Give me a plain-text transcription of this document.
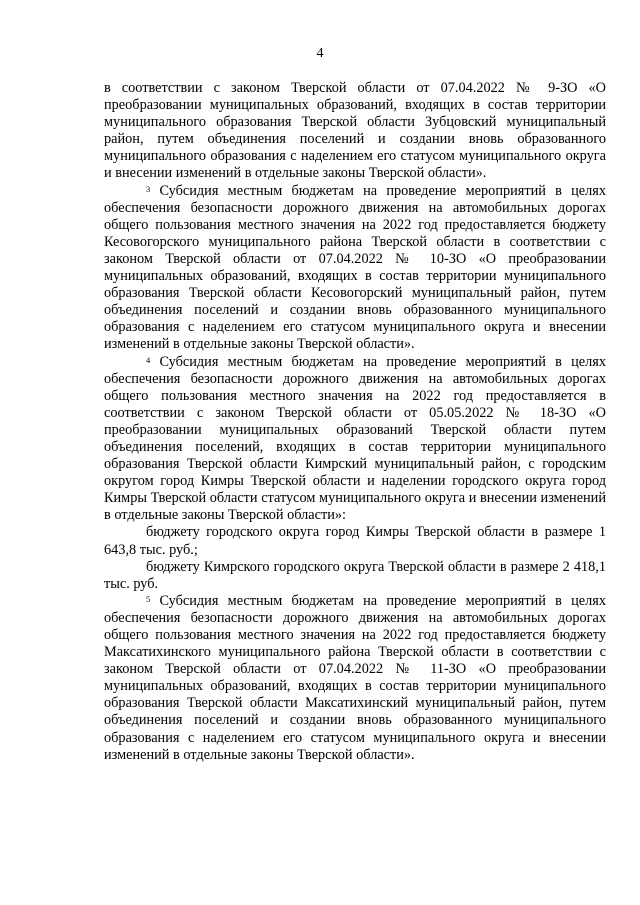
4

в соответствии с законом Тверской области от 07.04.2022 № 9-ЗО «О преобразовании муниципальных образований, входящих в состав территории муниципального образования Тверской области Зубцовский муниципальный район, путем объединения поселений и создании вновь образованного муниципального образования с наделением его статусом муниципального округа и внесении изменений в отдельные законы Тверской области».

$^3$ Субсидия местным бюджетам на проведение мероприятий в целях обеспечения безопасности дорожного движения на автомобильных дорогах общего пользования местного значения на 2022 год предоставляется бюджету Кесовогорского муниципального района Тверской области в соответствии с законом Тверской области от 07.04.2022 № 10-ЗО «О преобразовании муниципальных образований, входящих в состав территории муниципального образования Тверской области Кесовогорский муниципальный район, путем объединения поселений и создании вновь образованного муниципального образования с наделением его статусом муниципального округа и внесении изменений в отдельные законы Тверской области».

$^4$ Субсидия местным бюджетам на проведение мероприятий в целях обеспечения безопасности дорожного движения на автомобильных дорогах общего пользования местного значения на 2022 год предоставляется в соответствии с законом Тверской области от 05.05.2022 № 18-ЗО «О преобразовании муниципальных образований Тверской области путем объединения поселений, входящих в состав территории муниципального образования Тверской области Кимрский муниципальный район, с городским округом город Кимры Тверской области и наделении городского округа город Кимры Тверской области статусом муниципального округа и внесении изменений в отдельные законы Тверской области»:

бюджету городского округа город Кимры Тверской области в размере 1 643,8 тыс. руб.;

бюджету Кимрского городского округа Тверской области в размере 2 418,1 тыс. руб.

$^5$ Субсидия местным бюджетам на проведение мероприятий в целях обеспечения безопасности дорожного движения на автомобильных дорогах общего пользования местного значения на 2022 год предоставляется бюджету Максатихинского муниципального района Тверской области в соответствии с законом Тверской области от 07.04.2022 № 11-ЗО «О преобразовании муниципальных образований, входящих в состав территории муниципального образования Тверской области Максатихинский муниципальный район, путем объединения поселений и создании вновь образованного муниципального образования с наделением его статусом муниципального округа и внесении изменений в отдельные законы Тверской области».
